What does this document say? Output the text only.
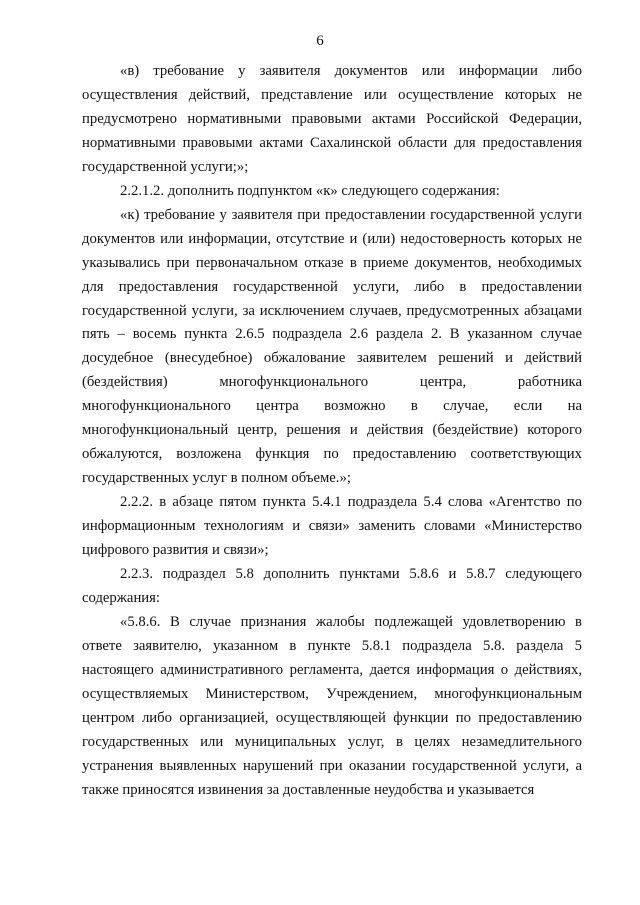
6

«в) требование у заявителя документов или информации либо осуществления действий, представление или осуществление которых не предусмотрено нормативными правовыми актами Российской Федерации, нормативными правовыми актами Сахалинской области для предоставления государственной услуги;»;

2.2.1.2. дополнить подпунктом «к» следующего содержания:

«к) требование у заявителя при предоставлении государственной услуги документов или информации, отсутствие и (или) недостоверность которых не указывались при первоначальном отказе в приеме документов, необходимых для предоставления государственной услуги, либо в предоставлении государственной услуги, за исключением случаев, предусмотренных абзацами пять – восемь пункта 2.6.5 подраздела 2.6 раздела 2. В указанном случае досудебное (внесудебное) обжалование заявителем решений и действий (бездействия) многофункционального центра, работника многофункционального центра возможно в случае, если на многофункциональный центр, решения и действия (бездействие) которого обжалуются, возложена функция по предоставлению соответствующих государственных услуг в полном объеме.»;

2.2.2. в абзаце пятом пункта 5.4.1 подраздела 5.4 слова «Агентство по информационным технологиям и связи» заменить словами «Министерство цифрового развития и связи»;

2.2.3. подраздел 5.8 дополнить пунктами 5.8.6 и 5.8.7 следующего содержания:

«5.8.6. В случае признания жалобы подлежащей удовлетворению в ответе заявителю, указанном в пункте 5.8.1 подраздела 5.8. раздела 5 настоящего административного регламента, дается информация о действиях, осуществляемых Министерством, Учреждением, многофункциональным центром либо организацией, осуществляющей функции по предоставлению государственных или муниципальных услуг, в целях незамедлительного устранения выявленных нарушений при оказании государственной услуги, а также приносятся извинения за доставленные неудобства и указывается
